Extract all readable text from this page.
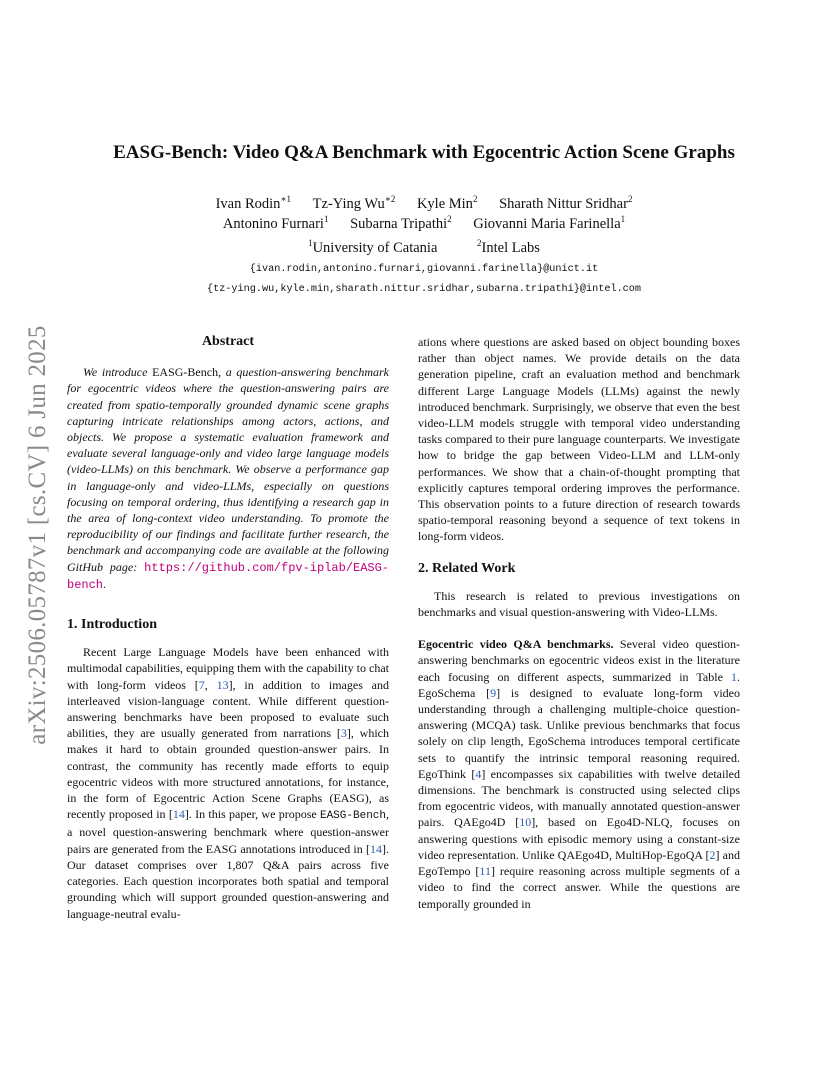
arXiv:2506.05787v1 [cs.CV] 6 Jun 2025
EASG-Bench: Video Q&A Benchmark with Egocentric Action Scene Graphs
Ivan Rodin$^{∗1}$ Tz-Ying $Wu^{∗2}$ Kyle Min$^2$ Sharath Nittur Sridhar$^2$
Antonino Furnari$^1$ Subarna Tripathi$^2$ Giovanni Maria Farinella$^1$
$^1$University of Catania	$^2$Intel Labs
{ivan.rodin,antonino.furnari,giovanni.farinella}@unict.it
{tz-ying.wu,kyle.min,sharath.nittur.sridhar,subarna.tripathi}@intel.com
Abstract

We introduce EASG-Bench, a question-answering benchmark for egocentric videos where the question-answering pairs are created from spatio-temporally grounded dynamic scene graphs capturing intricate relationships among actors, actions, and objects. We propose a systematic evaluation framework and evaluate several language-only and video large language models (video-LLMs) on this benchmark. We observe a performance gap in language-only and video-LLMs, especially on questions focusing on temporal ordering, thus identifying a research gap in the area of long-context video understanding. To promote the reproducibility of our findings and facilitate further research, the benchmark and accompanying code are available at the following GitHub page: https://github.com/fpv-iplab/EASG-bench.

1. Introduction

Recent Large Language Models have been enhanced with multimodal capabilities, equipping them with the capability to chat with long-form videos [7, 13], in addition to images and interleaved vision-language content. While different question-answering benchmarks have been proposed to evaluate such abilities, they are usually generated from narrations [3], which makes it hard to obtain grounded question-answer pairs. In contrast, the community has recently made efforts to equip egocentric videos with more structured annotations, for instance, in the form of Egocentric Action Scene Graphs (EASG), as recently proposed in [14]. In this paper, we propose EASG-Bench, a novel question-answering benchmark where question-answer pairs are generated from the EASG annotations introduced in [14]. Our dataset comprises over 1,807 Q&A pairs across five categories. Each question incorporates both spatial and temporal grounding which will support grounded question-answering and language-neutral evalu-

ations where questions are asked based on object bounding boxes rather than object names. We provide details on the data generation pipeline, craft an evaluation method and benchmark different Large Language Models (LLMs) against the newly introduced benchmark. Surprisingly, we observe that even the best video-LLM models struggle with temporal video understanding tasks compared to their pure language counterparts. We investigate how to bridge the gap between Video-LLM and LLM-only performances. We show that a chain-of-thought prompting that explicitly captures temporal ordering improves the performance. This observation points to a future direction of research towards spatio-temporal reasoning beyond a sequence of text tokens in long-form videos.

2. Related Work

This research is related to previous investigations on benchmarks and visual question-answering with Video-LLMs.

Egocentric video Q&A benchmarks. Several video question-answering benchmarks on egocentric videos exist in the literature each focusing on different aspects, summarized in Table 1. EgoSchema [9] is designed to evaluate long-form video understanding through a challenging multiple-choice question-answering (MCQA) task. Unlike previous benchmarks that focus solely on clip length, EgoSchema introduces temporal certificate sets to quantify the intrinsic temporal reasoning required. EgoThink [4] encompasses six capabilities with twelve detailed dimensions. The benchmark is constructed using selected clips from egocentric videos, with manually annotated question-answer pairs. QAEgo4D [10], based on Ego4D-NLQ, focuses on answering questions with episodic memory using a constant-size video representation. Unlike QAEgo4D, MultiHop-EgoQA [2] and EgoTempo [11] require reasoning across multiple segments of a video to find the correct answer. While the questions are temporally grounded in
